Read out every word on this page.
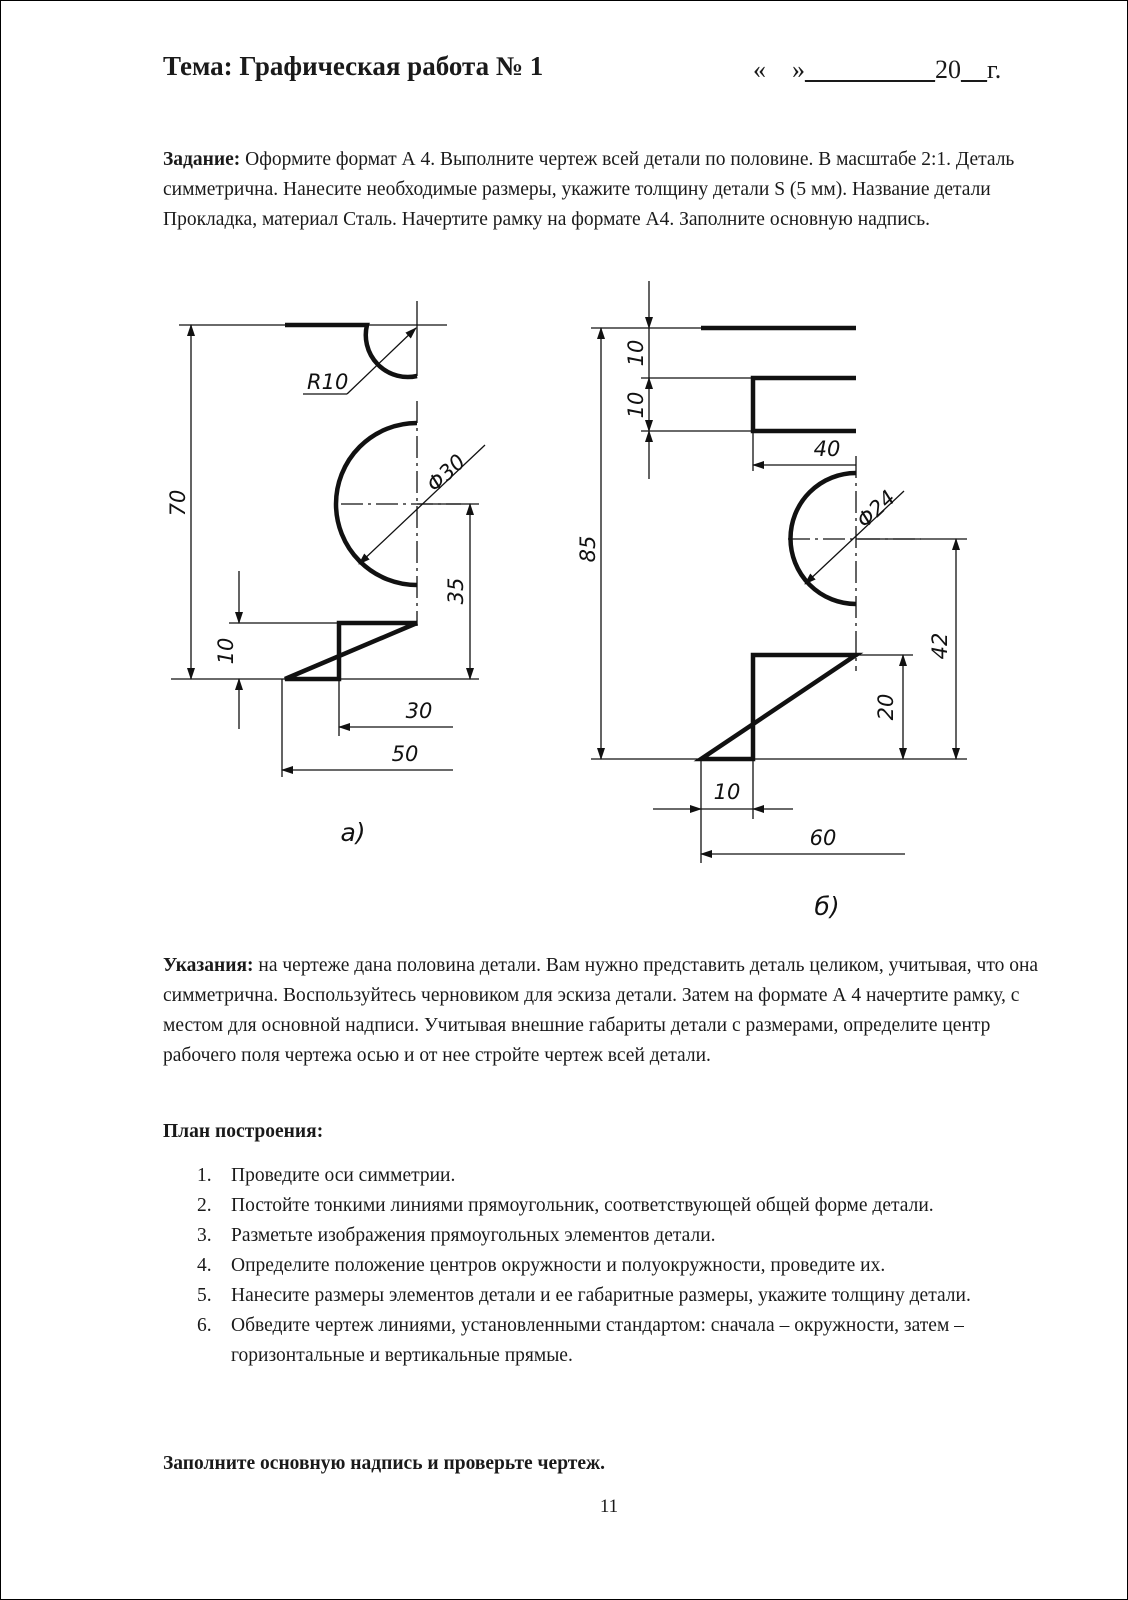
Тема: Графическая работа № 1	« »__________20__г.
Задание: Оформите формат А 4. Выполните чертеж всей детали по половине. В масштабе 2:1. Деталь симметрична. Нанесите необходимые размеры, укажите толщину детали S (5 мм). Название детали Прокладка, материал Сталь. Начертите рамку на формате А4. Заполните основную надпись.
R10
Φ30
70
35
10
30
50
а)
10
10
40
Φ24
85
42
20
10
60
б)
Указания: на чертеже дана половина детали. Вам нужно представить деталь целиком, учитывая, что она симметрична. Воспользуйтесь черновиком для эскиза детали. Затем на формате А 4 начертите рамку, с местом для основной надписи. Учитывая внешние габариты детали с размерами, определите центр рабочего поля чертежа осью и от нее стройте чертеж всей детали.
План построения:
1. Проведите оси симметрии.
2. Постойте тонкими линиями прямоугольник, соответствующей общей форме детали.
3. Разметьте изображения прямоугольных элементов детали.
4. Определите положение центров окружности и полуокружности, проведите их.
5. Нанесите размеры элементов детали и ее габаритные размеры, укажите толщину детали.
6. Обведите чертеж линиями, установленными стандартом: сначала – окружности, затем – горизонтальные и вертикальные прямые.
Заполните основную надпись и проверьте чертеж.
11
